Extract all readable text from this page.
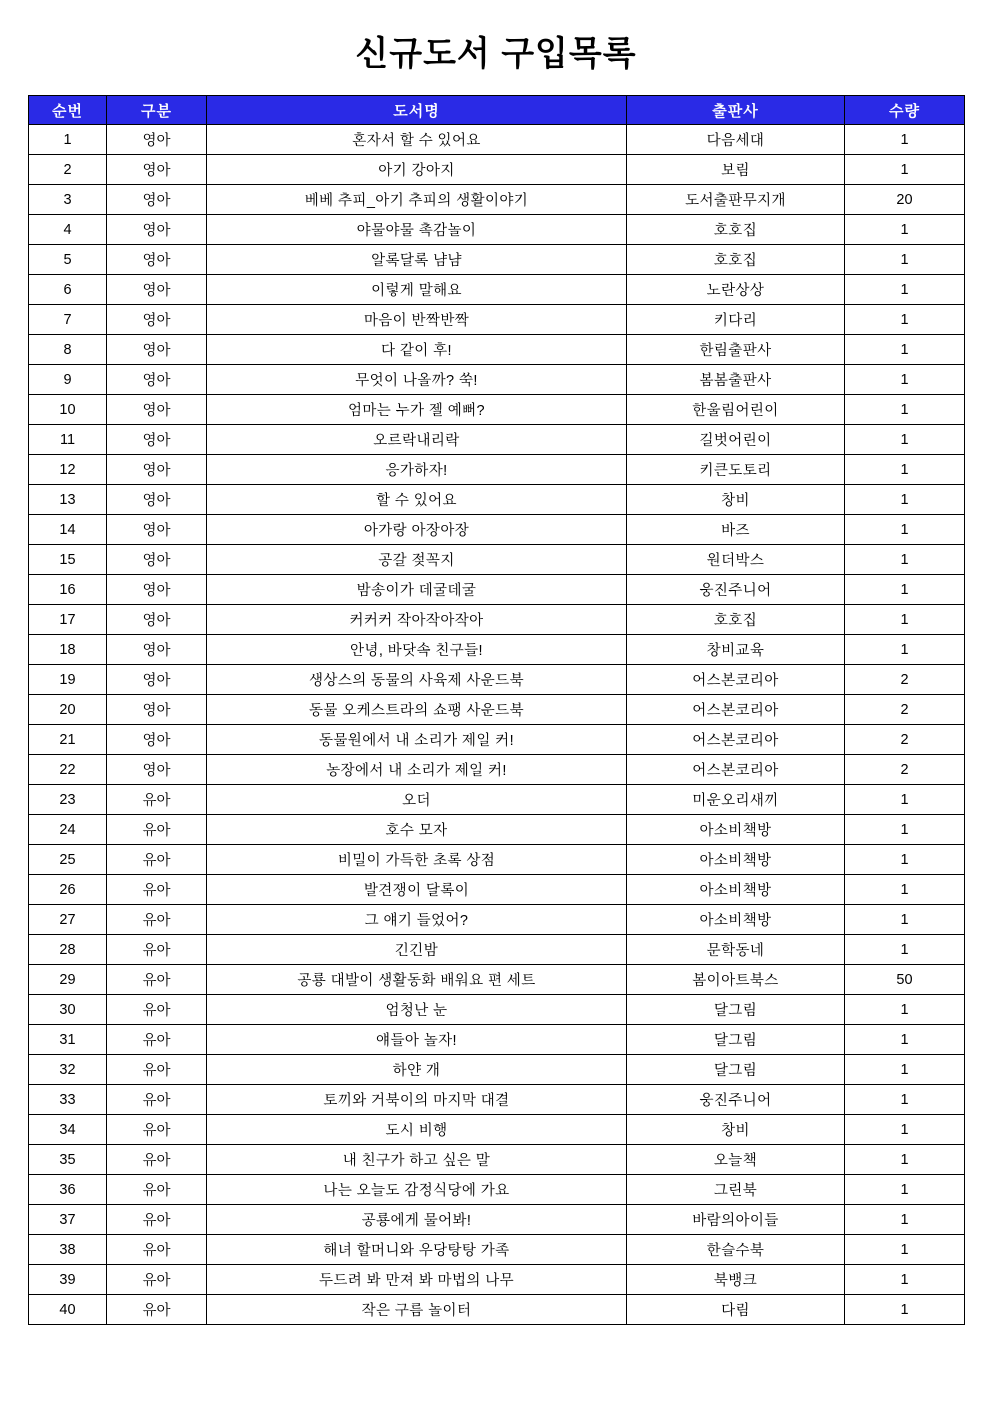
신규도서 구입목록
순번	구분	도서명	출판사	수량
1	영아	혼자서 할 수 있어요	다음세대	1
2	영아	아기 강아지	보림	1
3	영아	베베 추피_아기 추피의 생활이야기	도서출판무지개	20
4	영아	야물야물 촉감놀이	호호집	1
5	영아	알록달록 냠냠	호호집	1
6	영아	이렇게 말해요	노란상상	1
7	영아	마음이 반짝반짝	키다리	1
8	영아	다 같이 후!	한림출판사	1
9	영아	무엇이 나올까? 쑥!	봄봄출판사	1
10	영아	엄마는 누가 젤 예뻐?	한울림어린이	1
11	영아	오르락내리락	길벗어린이	1
12	영아	응가하자!	키큰도토리	1
13	영아	할 수 있어요	창비	1
14	영아	아가랑 아장아장	바즈	1
15	영아	공갈 젖꼭지	원더박스	1
16	영아	밤송이가 데굴데굴	웅진주니어	1
17	영아	커커커 작아작아작아	호호집	1
18	영아	안녕, 바닷속 친구들!	창비교육	1
19	영아	생상스의 동물의 사육제 사운드북	어스본코리아	2
20	영아	동물 오케스트라의 쇼팽 사운드북	어스본코리아	2
21	영아	동물원에서 내 소리가 제일 커!	어스본코리아	2
22	영아	농장에서 내 소리가 제일 커!	어스본코리아	2
23	유아	오더	미운오리새끼	1
24	유아	호수 모자	아소비책방	1
25	유아	비밀이 가득한 초록 상점	아소비책방	1
26	유아	발견쟁이 달록이	아소비책방	1
27	유아	그 얘기 들었어?	아소비책방	1
28	유아	긴긴밤	문학동네	1
29	유아	공룡 대발이 생활동화 배워요 편 세트	봄이아트북스	50
30	유아	엄청난 눈	달그림	1
31	유아	얘들아 놀자!	달그림	1
32	유아	하얀 개	달그림	1
33	유아	토끼와 거북이의 마지막 대결	웅진주니어	1
34	유아	도시 비행	창비	1
35	유아	내 친구가 하고 싶은 말	오늘책	1
36	유아	나는 오늘도 감정식당에 가요	그린북	1
37	유아	공룡에게 물어봐!	바람의아이들	1
38	유아	해녀 할머니와 우당탕탕 가족	한슬수북	1
39	유아	두드려 봐 만져 봐 마법의 나무	북뱅크	1
40	유아	작은 구름 놀이터	다림	1
